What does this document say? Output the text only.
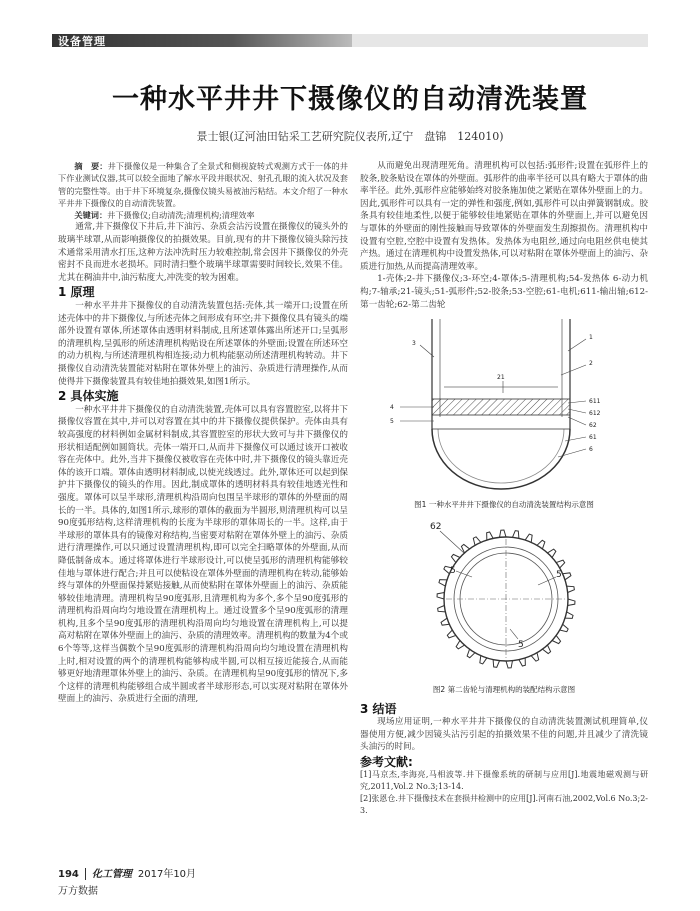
设备管理
一种水平井井下摄像仪的自动清洗装置
景士银(辽河油田钻采工艺研究院仪表所,辽宁　盘锦　124010)

摘　要：井下摄像仪是一种集合了全景式和侧视旋转式观测方式于一体的井下作业测试仪器,其可以较全面地了解水平段井眼状况、射孔孔眼的流入状况及套管的完整性等。由于井下环境复杂,摄像仪镜头易被油污粘结。本文介绍了一种水平井井下摄像仪的自动清洗装置。

关键词：井下摄像仪;自动清洗;清理机构;清理效率

通常,井下摄像仪下井后,井下油污、杂质会沾污设置在摄像仪的镜头外的玻璃半球罩,从而影响摄像仪的拍摄效果。目前,现有的井下摄像仪镜头除污技术通常采用清水打压,这种方法冲洗时压力较难控制,常会因井下摄像仪的外壳密封不良而进水老损坏。同时清扫整个玻璃半球罩需要时间较长,效果不佳。尤其在稠油井中,油污粘度大,冲洗变的较为困难。

1 原理

一种水平井井下摄像仪的自动清洗装置包括:壳体,其一端开口;设置在所述壳体中的井下摄像仪,与所述壳体之间形成有环空;井下摄像仪具有镜头的端部外设置有罩体,所述罩体由透明材料制成,且所述罩体露出所述开口;呈弧形的清理机构,呈弧形的所述清理机构贴设在所述罩体的外壁面;设置在所述环空的动力机构,与所述清理机构相连接;动力机构能驱动所述清理机构转动。井下摄像仪自动清洗装置能对粘附在罩体外壁上的油污、杂质进行清理操作,从而使得井下摄像装置具有较佳地拍摄效果,如图1所示。

2 具体实施

一种水平井井下摄像仪的自动清洗装置,壳体可以具有容置腔室,以将井下摄像仪容置在其中,并可以对容置在其中的井下摄像仪提供保护。壳体由具有较高强度的材料例如金属材料制成,其容置腔室的形状大致可与井下摄像仪的形状相适配例如圆筒状。壳体一端开口,从而井下摄像仪可以通过该开口被收容在壳体中。此外,当井下摄像仪被收容在壳体中时,井下摄像仪的镜头靠近壳体的该开口端。罩体由透明材料制成,以使光线透过。此外,罩体还可以起到保护井下摄像仪的镜头的作用。因此,制成罩体的透明材料具有较佳地透光性和强度。罩体可以呈半球形,清理机构沿周向包围呈半球形的罩体的外壁面的周长的一半。具体的,如图1所示,球形的罩体的截面为半圆形,则清理机构可以呈90度弧形结构,这样清理机构的长度为半球形的罩体周长的一半。这样,由于半球形的罩体具有的镜像对称结构,当密要对粘附在罩体外壁上的油污、杂质进行清理操作,可以只通过设置清理机构,即可以完全扫略罩体的外壁面,从而降低制备成本。通过将罩体进行半球形设计,可以使呈弧形的清理机构能够较佳地与罩体进行配合;并且可以使粘设在罩体外壁面的清理机构在转动,能够始终与罩体的外壁面保持紧贴接触,从而使粘附在罩体外壁面上的油污、杂质能够较佳地清理。清理机构呈90度弧形,且清理机构为多个,多个呈90度弧形的清理机构沿周向均匀地设置在清理机构上。通过设置多个呈90度弧形的清理机构,且多个呈90度弧形的清理机构沿周向均匀地设置在清理机构上,可以提高对粘附在罩体外壁面上的油污、杂质的清理效率。清理机构的数量为4个或6个等等,这样当偶数个呈90度弧形的清理机构沿周向均匀地设置在清理机构上时,相对设置的两个的清理机构能够构成半圆,可以相互接近能接合,从而能够更好地清理罩体外壁上的油污、杂质。在清理机构呈90度弧形的情况下,多个这样的清理机构能够组合成半圆或者半球形形态,可以实现对粘附在罩体外壁面上的油污、杂质进行全面的清理,

从而避免出现清理死角。清理机构可以包括:弧形件;设置在弧形件上的胶条,胶条贴设在罩体的外壁面。弧形件的曲率半径可以具有略大于罩体的曲率半径。此外,弧形件应能够始终对胶条施加使之紧贴在罩体外壁面上的力。因此,弧形件可以具有一定的弹性和强度,例如,弧形件可以由弹簧钢制成。胶条具有较佳地柔性,以便于能够较佳地紧贴在罩体的外壁面上,并可以避免因与罩体的外壁面的刚性接触而导致罩体的外壁面发生刮擦损伤。清理机构中设置有空腔,空腔中设置有发热体。发热体为电阻丝,通过向电阻丝供电使其产热。通过在清理机构中设置发热体,可以对粘附在罩体外壁面上的油污、杂质进行加热,从而提高清理效率。

1-壳体;2-井下摄像仪;3-环空;4-罩体;5-清理机构;54-发热体 6-动力机构;7-轴承;21-镜头;51-弧形件;52-胶条;53-空腔;61-电机;611-输出轴;612-第一齿轮;62-第二齿轮

3
1
2
21
4
5
611
612
62
61
6
图1 一种水平井井下摄像仪的自动清洗装置结构示意图
62
5	5
5
图2 第二齿轮与清理机构的装配结构示意图
3 结语

现场应用证明,一种水平井井下摄像仪的自动清洗装置测试机理简单,仪器使用方便,减少因镜头沾污引起的拍摄效果不佳的问题,并且减少了清洗镜头油污的时间。

参考文献:

[1]马京杰,李海亮,马相波等.井下摄像系统的研制与应用[J].地震地磁观测与研究,2011,Vol.2 No.3;13-14.

[2]张恩仓.井下摄像技术在套损井检测中的应用[J].河南石油,2002,Vol.6 No.3;2-3.

194 化工管理 2017年10月
万方数据
